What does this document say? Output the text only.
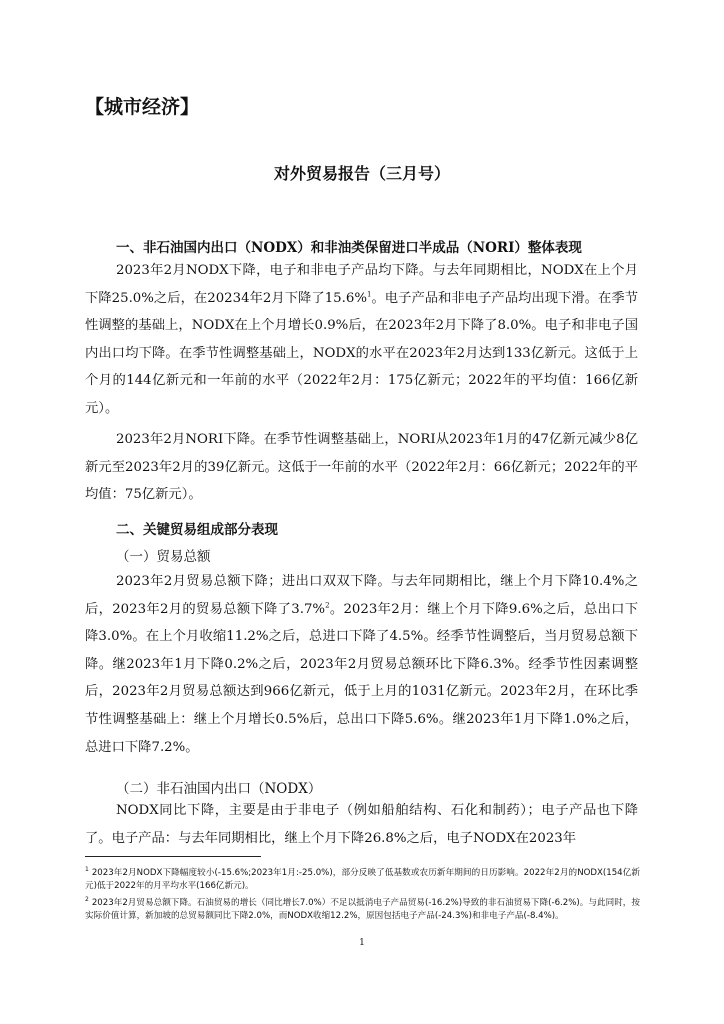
【城市经济】
对外贸易报告（三月号）
一、非石油国内出口（NODX）和非油类保留进口半成品（NORI）整体表现
2023年2月NODX下降，电子和非电子产品均下降。与去年同期相比，NODX在上个月下降25.0%之后，在20234年2月下降了15.6%$^1$。电子产品和非电子产品均出现下滑。在季节性调整的基础上，NODX在上个月增长0.9%后，在2023年2月下降了8.0%。电子和非电子国内出口均下降。在季节性调整基础上，NODX的水平在2023年2月达到133亿新元。这低于上个月的144亿新元和一年前的水平（2022年2月：175亿新元；2022年的平均值：166亿新元）。
2023年2月NORI下降。在季节性调整基础上，NORI从2023年1月的47亿新元减少8亿新元至2023年2月的39亿新元。这低于一年前的水平（2022年2月：66亿新元；2022年的平均值：75亿新元）。
二、关键贸易组成部分表现
（一）贸易总额
2023年2月贸易总额下降；进出口双双下降。与去年同期相比，继上个月下降10.4%之后，2023年2月的贸易总额下降了3.7%$^2$。2023年2月：继上个月下降9.6%之后，总出口下降3.0%。在上个月收缩11.2%之后，总进口下降了4.5%。经季节性调整后，当月贸易总额下降。继2023年1月下降0.2%之后，2023年2月贸易总额环比下降6.3%。经季节性因素调整后，2023年2月贸易总额达到966亿新元，低于上月的1031亿新元。2023年2月，在环比季节性调整基础上：继上个月增长0.5%后，总出口下降5.6%。继2023年1月下降1.0%之后，总进口下降7.2%。
（二）非石油国内出口（NODX）
NODX同比下降，主要是由于非电子（例如船舶结构、石化和制药）；电子产品也下降了。电子产品：与去年同期相比，继上个月下降26.8%之后，电子NODX在2023年
$^1$ 2023年2月NODX下降幅度较小(-15.6%;2023年1月:-25.0%)，部分反映了低基数或农历新年期间的日历影响。2022年2月的NODX(154亿新元)低于2022年的月平均水平(166亿新元)。
$^2$ 2023年2月贸易总额下降。石油贸易的增长（同比增长7.0%）不足以抵消电子产品贸易(-16.2%)导致的非石油贸易下降(-6.2%)。与此同时，按实际价值计算，新加坡的总贸易额同比下降2.0%，而NODX收缩12.2%，原因包括电子产品(-24.3%)和非电子产品(-8.4%)。
1
